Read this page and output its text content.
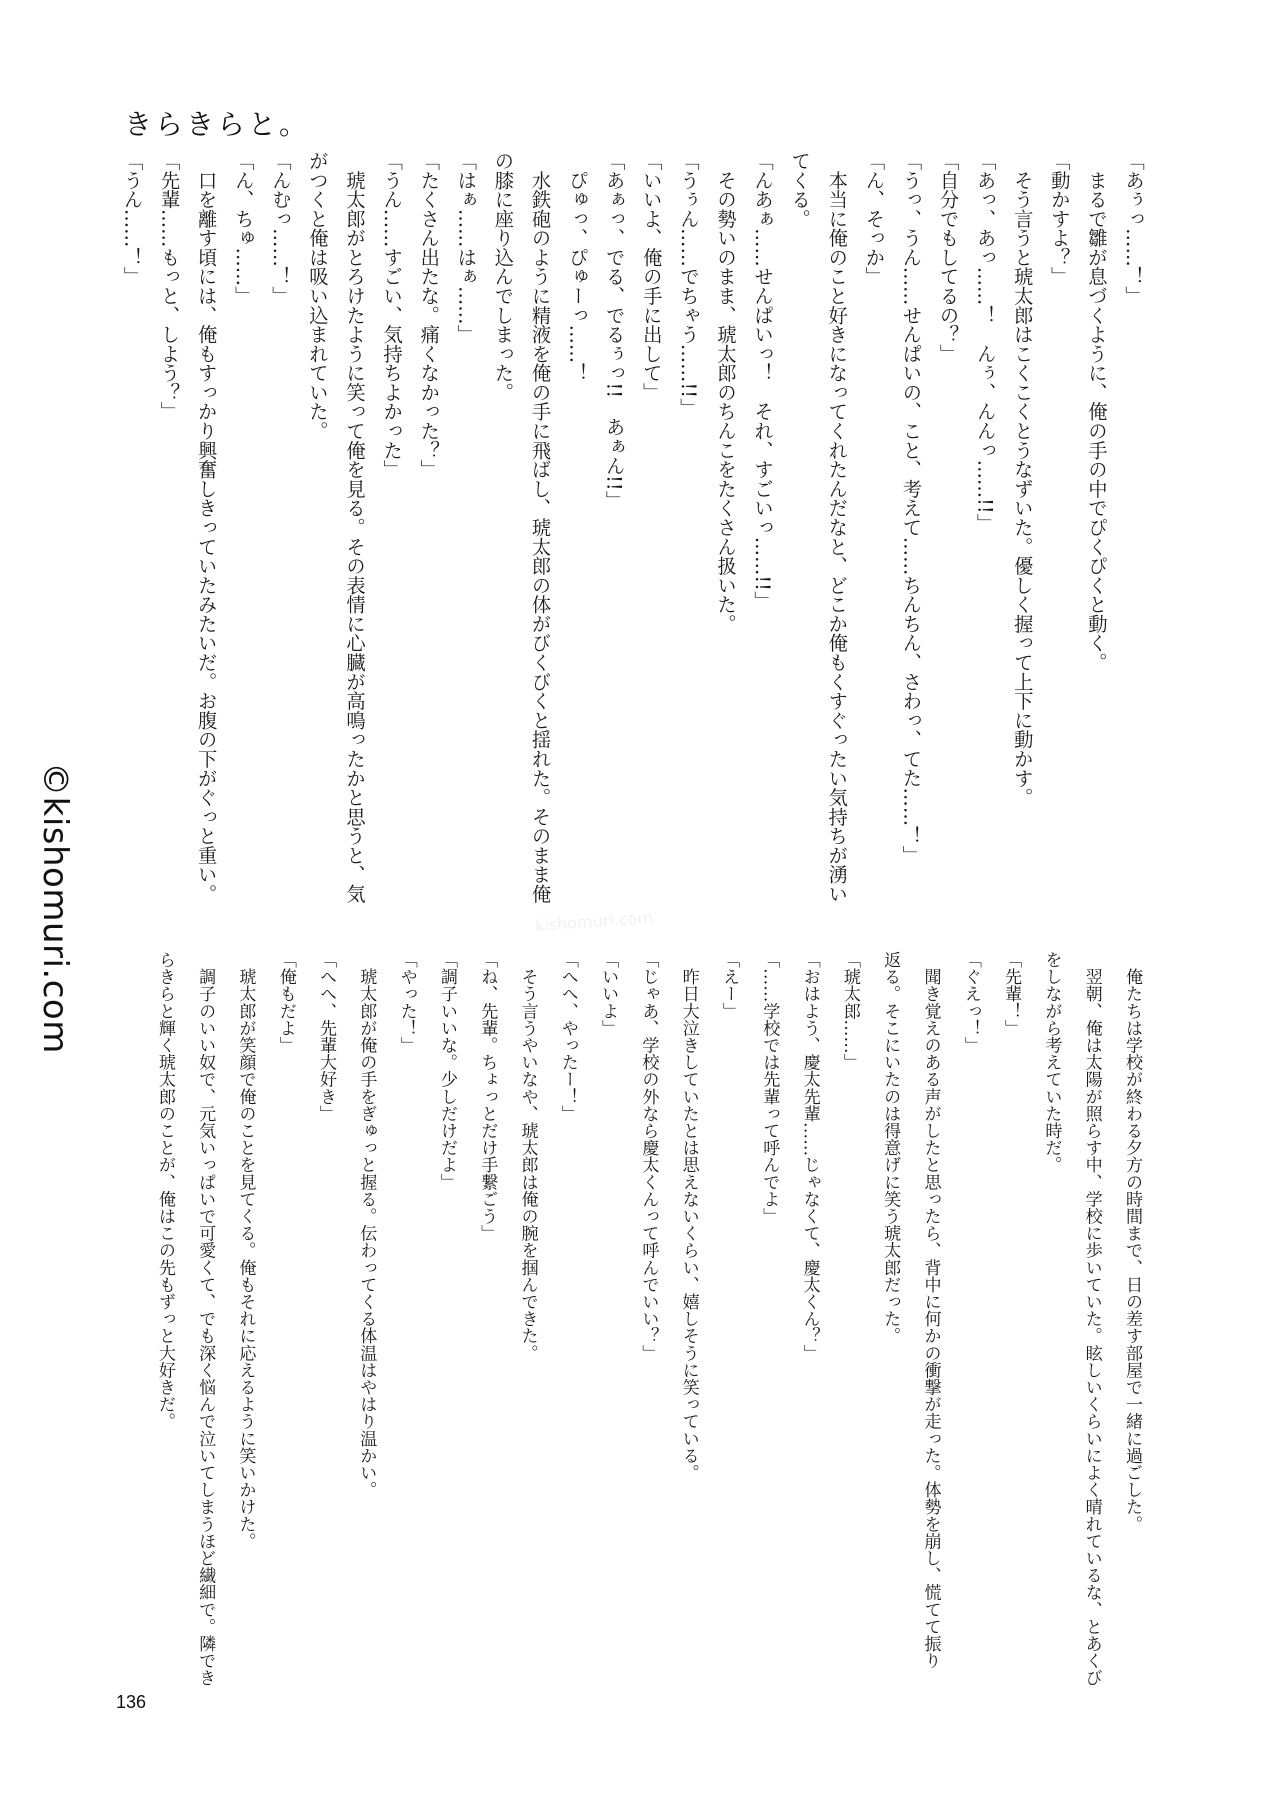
きらきらと。
©kishomuri.com	kishomuri.com
「あぅっ……！」
　まるで雛が息づくように、俺の手の中でぴくぴくと動く。
「動かすよ？」
　そう言うと琥太郎はこくこくとうなずいた。優しく握って上下に動かす。
「あっ、あっ……！　んぅ、んんっ……!!」
「自分でもしてるの？」
「うっ、うん……せんぱいの、こと、考えて……ちんちん、さわっ、てた……！」
「ん、そっか」
　本当に俺のこと好きになってくれたんだなと、どこか俺もくすぐったい気持ちが湧い
てくる。
「んあぁ……せんぱいっ！　それ、すごいっ……!!」
　その勢いのまま、琥太郎のちんこをたくさん扱いた。
「うぅん……でちゃう……!!」
「いいよ、俺の手に出して」
「あぁっ、でる、でるぅっ!!　あぁん!!」
　ぴゅっ、ぴゅーっ……！
　水鉄砲のように精液を俺の手に飛ばし、琥太郎の体がびくびくと揺れた。そのまま俺
の膝に座り込んでしまった。
「はぁ……はぁ……」
「たくさん出たな。痛くなかった？」
「うん……すごい、気持ちよかった」
　琥太郎がとろけたように笑って俺を見る。その表情に心臓が高鳴ったかと思うと、気
がつくと俺は吸い込まれていた。
「んむっ……！」
「ん、ちゅ……」
　口を離す頃には、俺もすっかり興奮しきっていたみたいだ。お腹の下がぐっと重い。
「先輩……もっと、しよう？」
「うん……！」
　俺たちは学校が終わる夕方の時間まで、日の差す部屋で一緒に過ごした。
　翌朝、俺は太陽が照らす中、学校に歩いていた。眩しいくらいによく晴れているな、とあくび
をしながら考えていた時だ。
「先輩！」
「ぐえっ！」
　聞き覚えのある声がしたと思ったら、背中に何かの衝撃が走った。体勢を崩し、慌てて振り
返る。そこにいたのは得意げに笑う琥太郎だった。
「琥太郎……」
「おはよう、慶太先輩……じゃなくて、慶太くん？」
「……学校では先輩って呼んでよ」
「えー」
　昨日大泣きしていたとは思えないくらい、嬉しそうに笑っている。
「じゃあ、学校の外なら慶太くんって呼んでいい？」
「いいよ」
「へへ、やったー！」
　そう言うやいなや、琥太郎は俺の腕を掴んできた。
「ね、先輩。ちょっとだけ手繋ごう」
「調子いいな。少しだけだよ」
「やった！」
　琥太郎が俺の手をぎゅっと握る。伝わってくる体温はやはり温かい。
「へへ、先輩大好き」
「俺もだよ」
　琥太郎が笑顔で俺のことを見てくる。俺もそれに応えるように笑いかけた。
　調子のいい奴で、元気いっぱいで可愛くて、でも深く悩んで泣いてしまうほど繊細で。隣でき
らきらと輝く琥太郎のことが、俺はこの先もずっと大好きだ。
136
